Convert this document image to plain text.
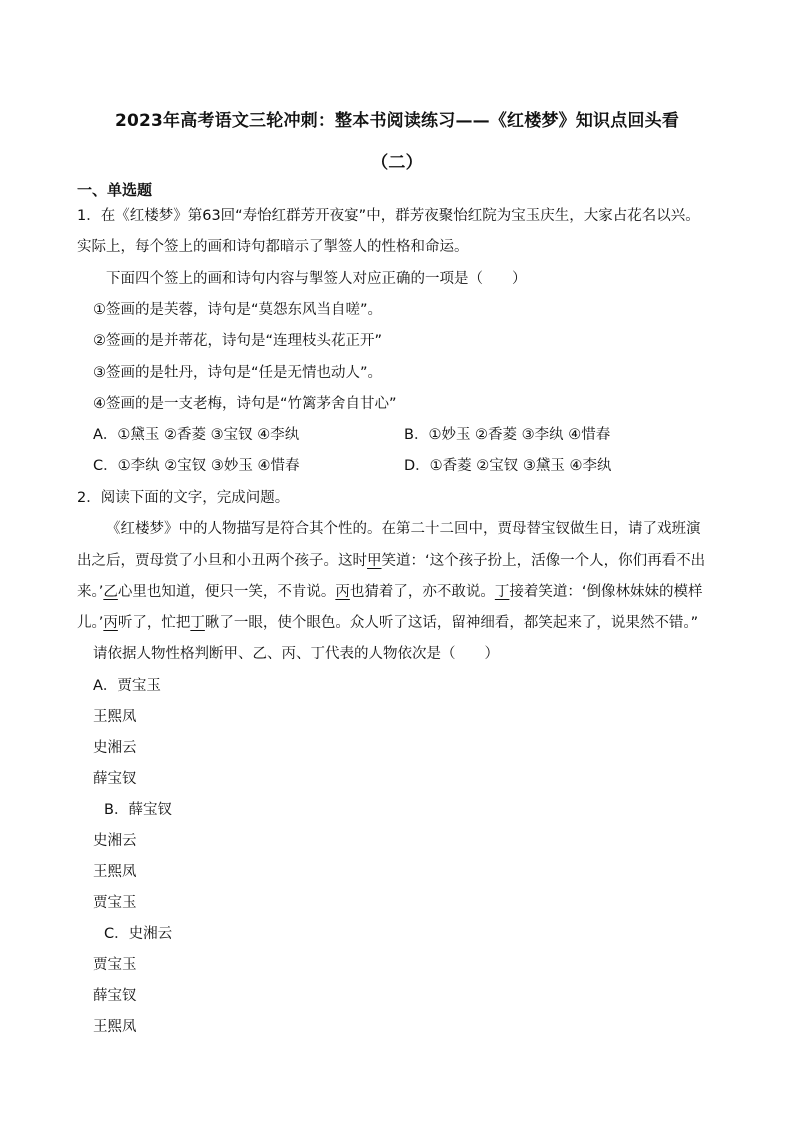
2023年高考语文三轮冲刺：整本书阅读练习——《红楼梦》知识点回头看
（二）
一、单选题
1．在《红楼梦》第63回“寿怡红群芳开夜宴”中，群芳夜聚怡红院为宝玉庆生，大家占花名以兴。
实际上，每个签上的画和诗句都暗示了掣签人的性格和命运。
下面四个签上的画和诗句内容与掣签人对应正确的一项是（　　）
①签画的是芙蓉，诗句是“莫怨东风当自嗟”。
②签画的是并蒂花，诗句是“连理枝头花正开”
③签画的是牡丹，诗句是“任是无情也动人”。
④签画的是一支老梅，诗句是“竹篱茅舍自甘心”
A．①黛玉 ②香菱 ③宝钗 ④李纨	B．①妙玉 ②香菱 ③李纨 ④惜春
C．①李纨 ②宝钗 ③妙玉 ④惜春	D．①香菱 ②宝钗 ③黛玉 ④李纨
2．阅读下面的文字，完成问题。
《红楼梦》中的人物描写是符合其个性的。在第二十二回中，贾母替宝钗做生日，请了戏班演
出之后，贾母赏了小旦和小丑两个孩子。这时甲笑道：‘这个孩子扮上，活像一个人，你们再看不出
来。’乙心里也知道，便只一笑，不肯说。丙也猜着了，亦不敢说。丁接着笑道：‘倒像林妹妹的模样
儿。’丙听了，忙把丁瞅了一眼，使个眼色。众人听了这话，留神细看，都笑起来了，说果然不错。”
请依据人物性格判断甲、乙、丙、丁代表的人物依次是（　　）
A．贾宝玉
王熙凤
史湘云
薛宝钗
B．薛宝钗
史湘云
王熙凤
贾宝玉
C．史湘云
贾宝玉
薛宝钗
王熙凤
